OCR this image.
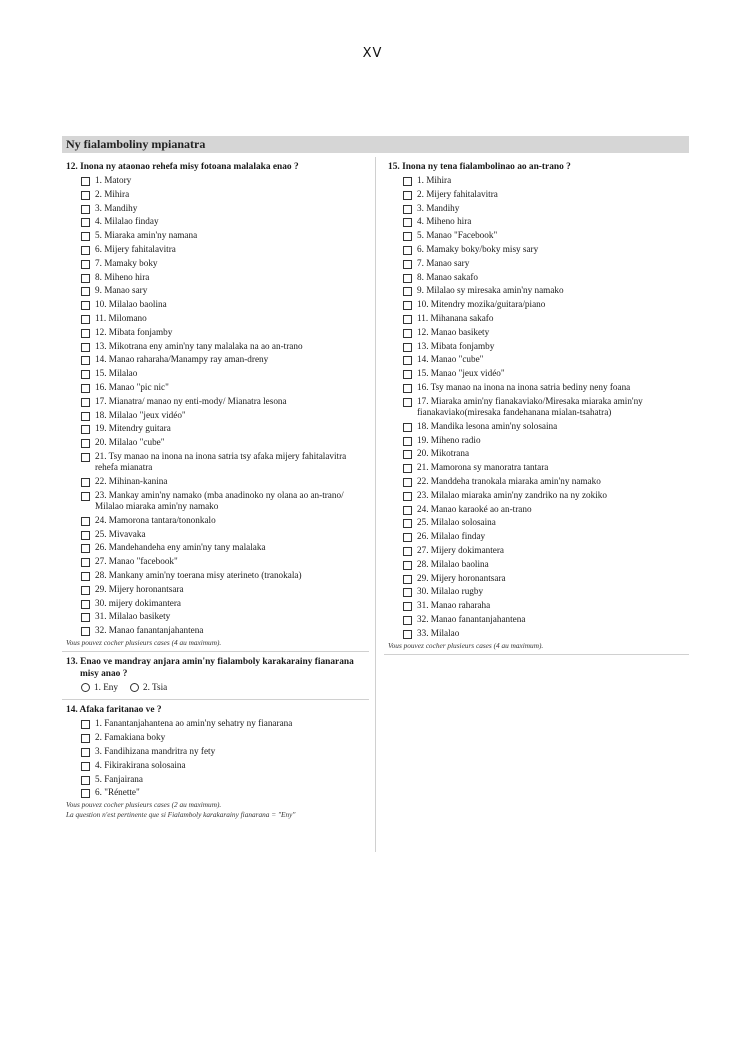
XV
Ny fialamboliny mpianatra
12. Inona ny ataonao rehefa misy fotoana malalaka enao ?
1. Matory
2. Mihira
3. Mandihy
4. Milalao finday
5. Miaraka amin'ny namana
6. Mijery fahitalavitra
7. Mamaky boky
8. Miheno hira
9. Manao sary
10. Milalao baolina
11. Milomano
12. Mibata fonjamby
13. Mikotrana eny amin'ny tany malalaka na ao an-trano
14. Manao raharaha/Manampy ray aman-dreny
15. Milalao
16. Manao "pic nic"
17. Mianatra/ manao ny enti-mody/ Mianatra lesona
18. Milalao "jeux vidéo"
19. Mitendry guitara
20. Milalao "cube"
21. Tsy manao na inona na inona satria tsy afaka mijery fahitalavitra rehefa mianatra
22. Mihinan-kanina
23. Mankay amin'ny namako (mba anadinoko ny olana ao an-trano/ Milalao miaraka amin'ny namako
24. Mamorona tantara/tononkalo
25. Mivavaka
26. Mandehandeha eny amin'ny tany malalaka
27. Manao "facebook"
28. Mankany amin'ny toerana misy aterineto (tranokala)
29. Mijery horonantsara
30. mijery dokimantera
31. Milalao basikety
32. Manao fanantanjahantena
Vous pouvez cocher plusieurs cases (4 au maximum).
13. Enao ve mandray anjara amin'ny fialamboly karakarainy fianarana misy anao ?
1. Eny	2. Tsia
14. Afaka faritanao ve ?
1. Fanantanjahantena ao amin'ny sehatry ny fianarana
2. Famakiana boky
3. Fandihizana mandritra ny fety
4. Fikirakirana solosaina
5. Fanjairana
6. "Rénette"
Vous pouvez cocher plusieurs cases (2 au maximum).
La question n'est pertinente que si Fialamboly karakarainy fianarana = "Eny"
15. Inona ny tena fialambolinao ao an-trano ?
1. Mihira
2. Mijery fahitalavitra
3. Mandihy
4. Miheno hira
5. Manao "Facebook"
6. Mamaky boky/boky misy sary
7. Manao sary
8. Manao sakafo
9. Milalao sy miresaka amin'ny namako
10. Mitendry mozika/guitara/piano
11. Mihanana sakafo
12. Manao basikety
13. Mibata fonjamby
14. Manao "cube"
15. Manao "jeux vidéo"
16. Tsy manao na inona na inona satria bediny neny foana
17. Miaraka amin'ny fianakaviako/Miresaka miaraka amin'ny fianakaviako(miresaka fandehanana mialan-tsahatra)
18. Mandika lesona amin'ny solosaina
19. Miheno radio
20. Mikotrana
21. Mamorona sy manoratra tantara
22. Manddeha tranokala miaraka amin'ny namako
23. Milalao miaraka amin'ny zandriko na ny zokiko
24. Manao karaoké ao an-trano
25. Milalao solosaina
26. Milalao finday
27. Mijery dokimantera
28. Milalao baolina
29. Mijery horonantsara
30. Milalao rugby
31. Manao raharaha
32. Manao fanantanjahantena
33. Milalao
Vous pouvez cocher plusieurs cases (4 au maximum).
